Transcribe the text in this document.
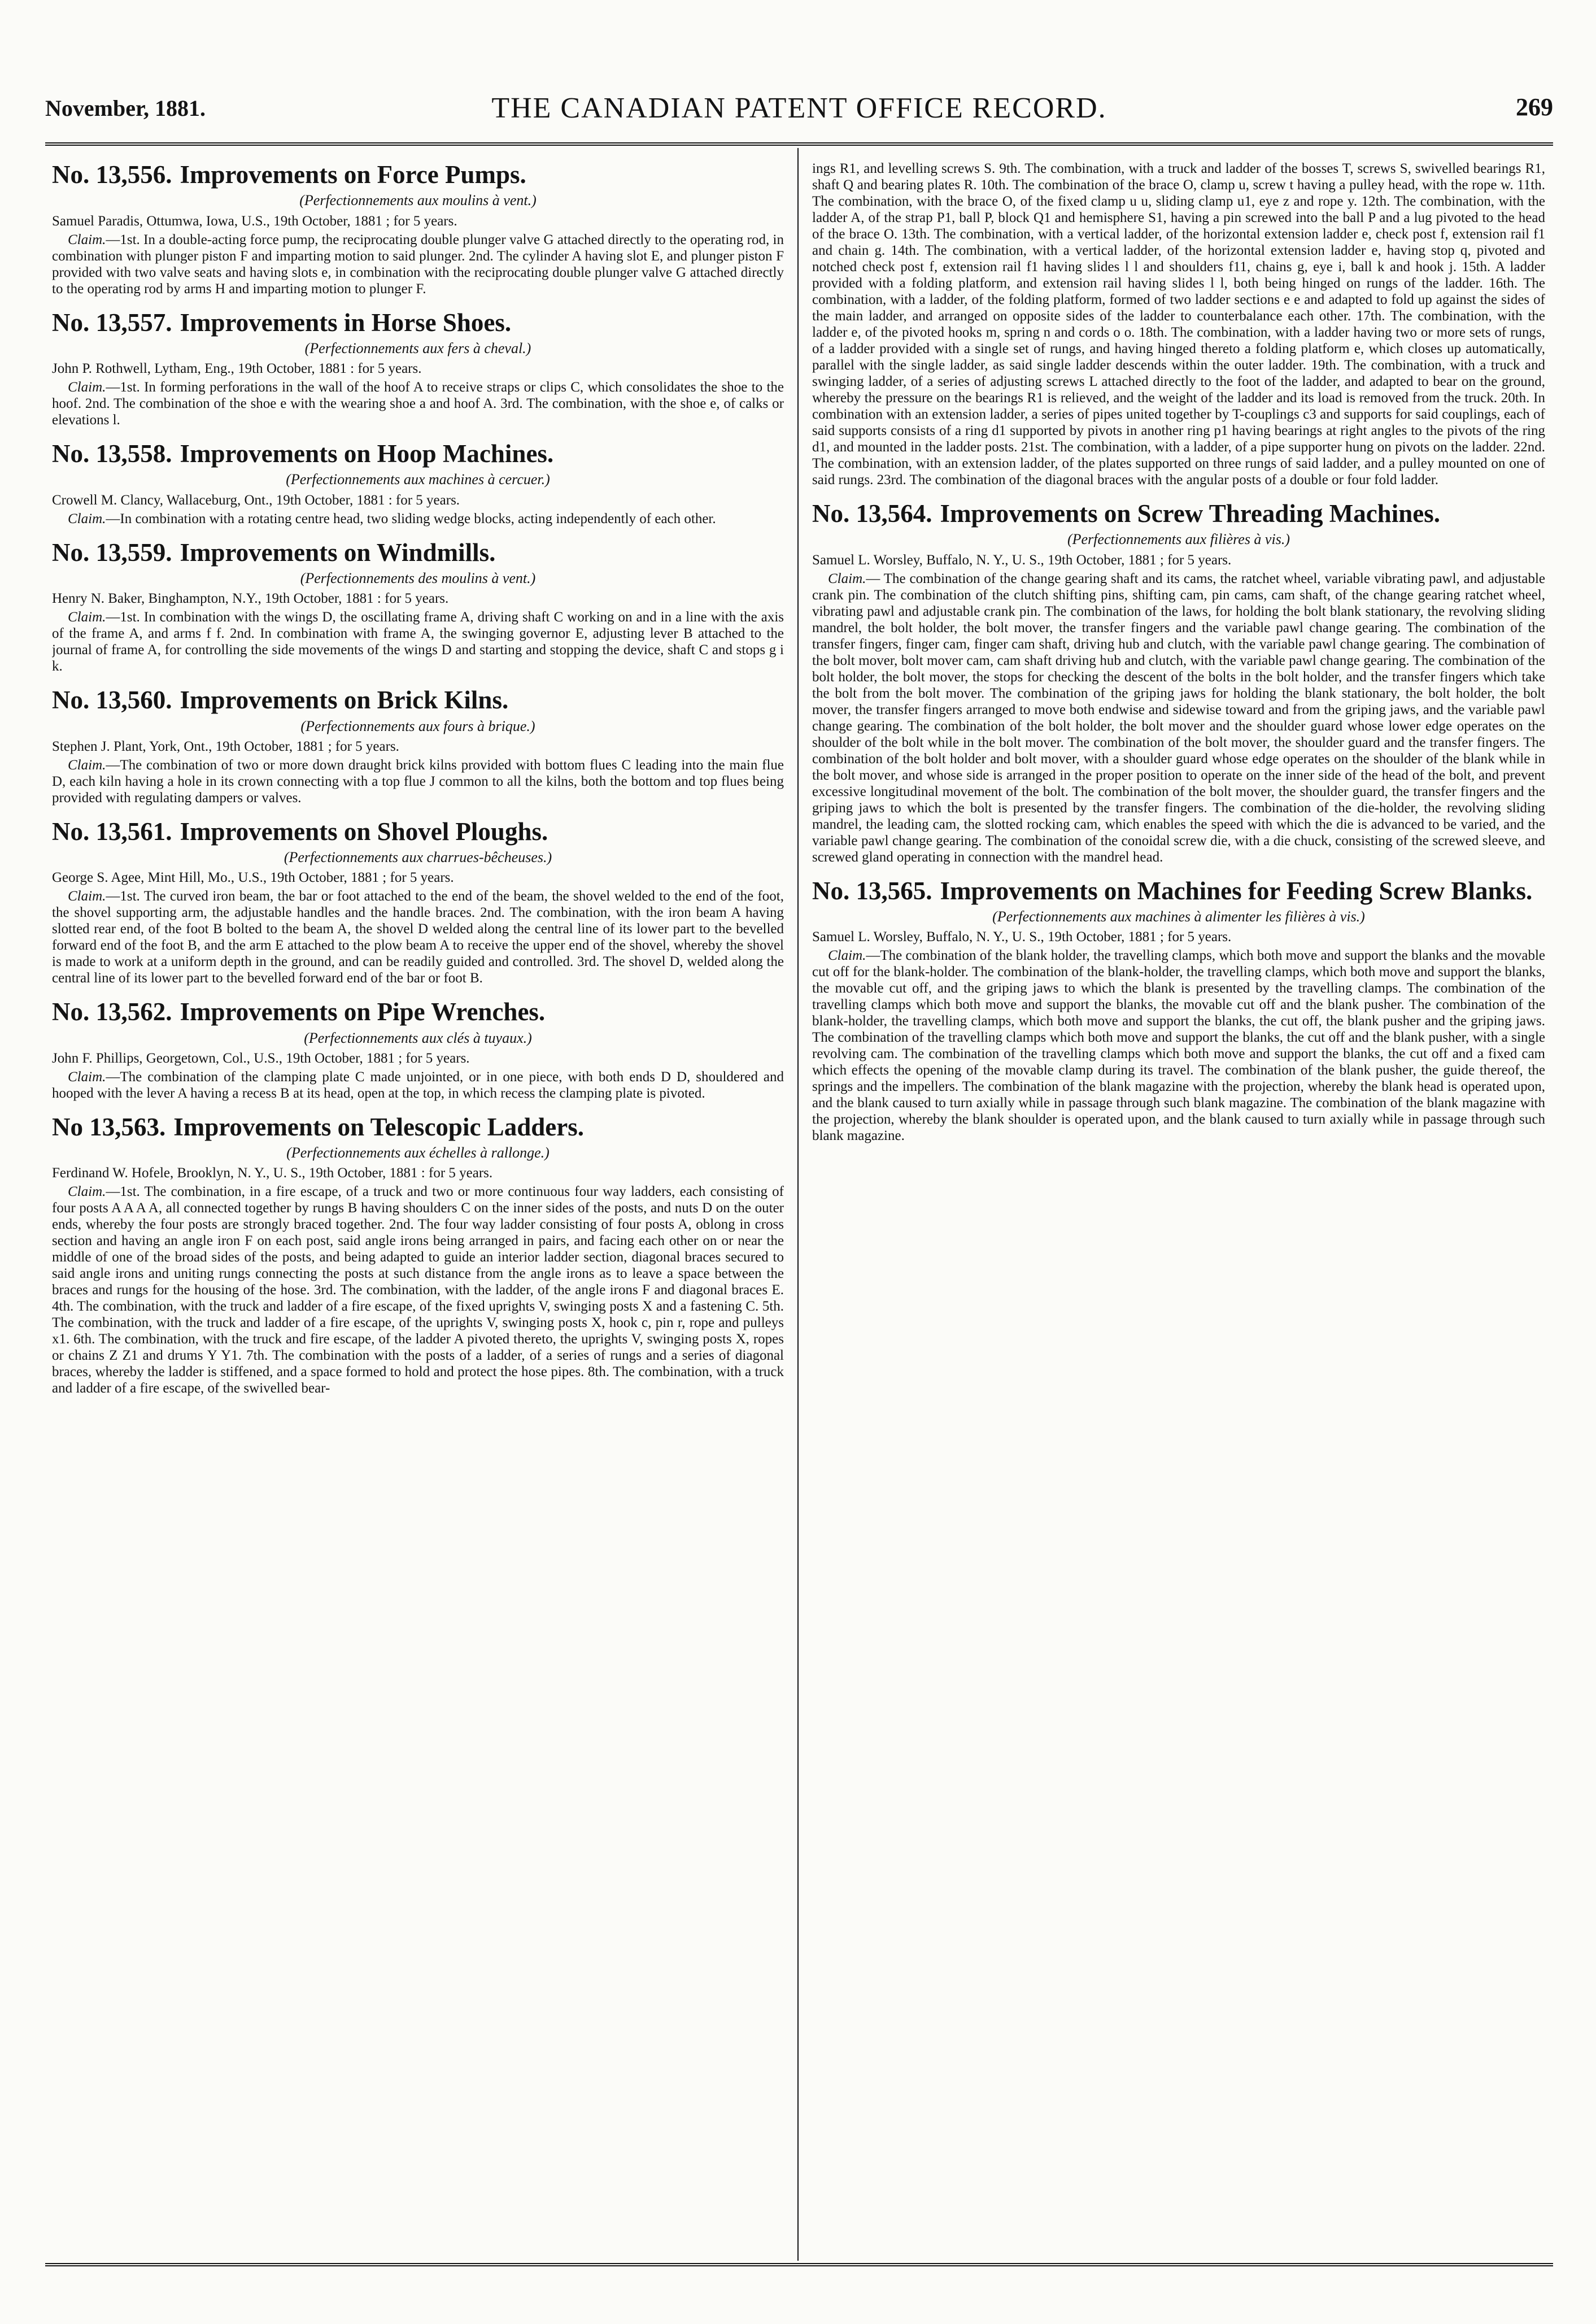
November, 1881.	THE CANADIAN PATENT OFFICE RECORD.	269
No. 13,556. Improvements on Force Pumps.
(Perfectionnements aux moulins à vent.)
Samuel Paradis, Ottumwa, Iowa, U.S., 19th October, 1881 ; for 5 years.

Claim.—1st. In a double-acting force pump, the reciprocating double plunger valve G attached directly to the operating rod, in combination with plunger piston F and imparting motion to said plunger. 2nd. The cylinder A having slot E, and plunger piston F provided with two valve seats and having slots e, in combination with the reciprocating double plunger valve G attached directly to the operating rod by arms H and imparting motion to plunger F.

No. 13,557. Improvements in Horse Shoes.
(Perfectionnements aux fers à cheval.)
John P. Rothwell, Lytham, Eng., 19th October, 1881 : for 5 years.

Claim.—1st. In forming perforations in the wall of the hoof A to receive straps or clips C, which consolidates the shoe to the hoof. 2nd. The combination of the shoe e with the wearing shoe a and hoof A. 3rd. The combination, with the shoe e, of calks or elevations l.

No. 13,558. Improvements on Hoop Machines.
(Perfectionnements aux machines à cercuer.)
Crowell M. Clancy, Wallaceburg, Ont., 19th October, 1881 : for 5 years.

Claim.—In combination with a rotating centre head, two sliding wedge blocks, acting independently of each other.

No. 13,559. Improvements on Windmills.
(Perfectionnements des moulins à vent.)
Henry N. Baker, Binghampton, N.Y., 19th October, 1881 : for 5 years.

Claim.—1st. In combination with the wings D, the oscillating frame A, driving shaft C working on and in a line with the axis of the frame A, and arms f f. 2nd. In combination with frame A, the swinging governor E, adjusting lever B attached to the journal of frame A, for controlling the side movements of the wings D and starting and stopping the device, shaft C and stops g i k.

No. 13,560. Improvements on Brick Kilns.
(Perfectionnements aux fours à brique.)
Stephen J. Plant, York, Ont., 19th October, 1881 ; for 5 years.

Claim.—The combination of two or more down draught brick kilns provided with bottom flues C leading into the main flue D, each kiln having a hole in its crown connecting with a top flue J common to all the kilns, both the bottom and top flues being provided with regulating dampers or valves.

No. 13,561. Improvements on Shovel Ploughs.
(Perfectionnements aux charrues-bêcheuses.)
George S. Agee, Mint Hill, Mo., U.S., 19th October, 1881 ; for 5 years.

Claim.—1st. The curved iron beam, the bar or foot attached to the end of the beam, the shovel welded to the end of the foot, the shovel supporting arm, the adjustable handles and the handle braces. 2nd. The combination, with the iron beam A having slotted rear end, of the foot B bolted to the beam A, the shovel D welded along the central line of its lower part to the bevelled forward end of the foot B, and the arm E attached to the plow beam A to receive the upper end of the shovel, whereby the shovel is made to work at a uniform depth in the ground, and can be readily guided and controlled. 3rd. The shovel D, welded along the central line of its lower part to the bevelled forward end of the bar or foot B.

No. 13,562. Improvements on Pipe Wrenches.
(Perfectionnements aux clés à tuyaux.)
John F. Phillips, Georgetown, Col., U.S., 19th October, 1881 ; for 5 years.

Claim.—The combination of the clamping plate C made unjointed, or in one piece, with both ends D D, shouldered and hooped with the lever A having a recess B at its head, open at the top, in which recess the clamping plate is pivoted.

No 13,563. Improvements on Telescopic Ladders.
(Perfectionnements aux échelles à rallonge.)
Ferdinand W. Hofele, Brooklyn, N. Y., U. S., 19th October, 1881 : for 5 years.

Claim.—1st. The combination, in a fire escape, of a truck and two or more continuous four way ladders, each consisting of four posts A A A A, all connected together by rungs B having shoulders C on the inner sides of the posts, and nuts D on the outer ends, whereby the four posts are strongly braced together. 2nd. The four way ladder consisting of four posts A, oblong in cross section and having an angle iron F on each post, said angle irons being arranged in pairs, and facing each other on or near the middle of one of the broad sides of the posts, and being adapted to guide an interior ladder section, diagonal braces secured to said angle irons and uniting rungs connecting the posts at such distance from the angle irons as to leave a space between the braces and rungs for the housing of the hose. 3rd. The combination, with the ladder, of the angle irons F and diagonal braces E. 4th. The combination, with the truck and ladder of a fire escape, of the fixed uprights V, swinging posts X and a fastening C. 5th. The combination, with the truck and ladder of a fire escape, of the uprights V, swinging posts X, hook c, pin r, rope and pulleys x1. 6th. The combination, with the truck and fire escape, of the ladder A pivoted thereto, the uprights V, swinging posts X, ropes or chains Z Z1 and drums Y Y1. 7th. The combination with the posts of a ladder, of a series of rungs and a series of diagonal braces, whereby the ladder is stiffened, and a space formed to hold and protect the hose pipes. 8th. The combination, with a truck and ladder of a fire escape, of the swivelled bear-

ings R1, and levelling screws S. 9th. The combination, with a truck and ladder of the bosses T, screws S, swivelled bearings R1, shaft Q and bearing plates R. 10th. The combination of the brace O, clamp u, screw t having a pulley head, with the rope w. 11th. The combination, with the brace O, of the fixed clamp u u, sliding clamp u1, eye z and rope y. 12th. The combination, with the ladder A, of the strap P1, ball P, block Q1 and hemisphere S1, having a pin screwed into the ball P and a lug pivoted to the head of the brace O. 13th. The combination, with a vertical ladder, of the horizontal extension ladder e, check post f, extension rail f1 and chain g. 14th. The combination, with a vertical ladder, of the horizontal extension ladder e, having stop q, pivoted and notched check post f, extension rail f1 having slides l l and shoulders f11, chains g, eye i, ball k and hook j. 15th. A ladder provided with a folding platform, and extension rail having slides l l, both being hinged on rungs of the ladder. 16th. The combination, with a ladder, of the folding platform, formed of two ladder sections e e and adapted to fold up against the sides of the main ladder, and arranged on opposite sides of the ladder to counterbalance each other. 17th. The combination, with the ladder e, of the pivoted hooks m, spring n and cords o o. 18th. The combination, with a ladder having two or more sets of rungs, of a ladder provided with a single set of rungs, and having hinged thereto a folding platform e, which closes up automatically, parallel with the single ladder, as said single ladder descends within the outer ladder. 19th. The combination, with a truck and swinging ladder, of a series of adjusting screws L attached directly to the foot of the ladder, and adapted to bear on the ground, whereby the pressure on the bearings R1 is relieved, and the weight of the ladder and its load is removed from the truck. 20th. In combination with an extension ladder, a series of pipes united together by T-couplings c3 and supports for said couplings, each of said supports consists of a ring d1 supported by pivots in another ring p1 having bearings at right angles to the pivots of the ring d1, and mounted in the ladder posts. 21st. The combination, with a ladder, of a pipe supporter hung on pivots on the ladder. 22nd. The combination, with an extension ladder, of the plates supported on three rungs of said ladder, and a pulley mounted on one of said rungs. 23rd. The combination of the diagonal braces with the angular posts of a double or four fold ladder.

No. 13,564. Improvements on Screw Threading Machines.
(Perfectionnements aux filières à vis.)
Samuel L. Worsley, Buffalo, N. Y., U. S., 19th October, 1881 ; for 5 years.

Claim.— The combination of the change gearing shaft and its cams, the ratchet wheel, variable vibrating pawl, and adjustable crank pin. The combination of the clutch shifting pins, shifting cam, pin cams, cam shaft, of the change gearing ratchet wheel, vibrating pawl and adjustable crank pin. The combination of the laws, for holding the bolt blank stationary, the revolving sliding mandrel, the bolt holder, the bolt mover, the transfer fingers and the variable pawl change gearing. The combination of the transfer fingers, finger cam, finger cam shaft, driving hub and clutch, with the variable pawl change gearing. The combination of the bolt mover, bolt mover cam, cam shaft driving hub and clutch, with the variable pawl change gearing. The combination of the bolt holder, the bolt mover, the stops for checking the descent of the bolts in the bolt holder, and the transfer fingers which take the bolt from the bolt mover. The combination of the griping jaws for holding the blank stationary, the bolt holder, the bolt mover, the transfer fingers arranged to move both endwise and sidewise toward and from the griping jaws, and the variable pawl change gearing. The combination of the bolt holder, the bolt mover and the shoulder guard whose lower edge operates on the shoulder of the bolt while in the bolt mover. The combination of the bolt mover, the shoulder guard and the transfer fingers. The combination of the bolt holder and bolt mover, with a shoulder guard whose edge operates on the shoulder of the blank while in the bolt mover, and whose side is arranged in the proper position to operate on the inner side of the head of the bolt, and prevent excessive longitudinal movement of the bolt. The combination of the bolt mover, the shoulder guard, the transfer fingers and the griping jaws to which the bolt is presented by the transfer fingers. The combination of the die-holder, the revolving sliding mandrel, the leading cam, the slotted rocking cam, which enables the speed with which the die is advanced to be varied, and the variable pawl change gearing. The combination of the conoidal screw die, with a die chuck, consisting of the screwed sleeve, and screwed gland operating in connection with the mandrel head.

No. 13,565. Improvements on Machines for Feeding Screw Blanks.
(Perfectionnements aux machines à alimenter les filières à vis.)
Samuel L. Worsley, Buffalo, N. Y., U. S., 19th October, 1881 ; for 5 years.

Claim.—The combination of the blank holder, the travelling clamps, which both move and support the blanks and the movable cut off for the blank-holder. The combination of the blank-holder, the travelling clamps, which both move and support the blanks, the movable cut off, and the griping jaws to which the blank is presented by the travelling clamps. The combination of the travelling clamps which both move and support the blanks, the movable cut off and the blank pusher. The combination of the blank-holder, the travelling clamps, which both move and support the blanks, the cut off, the blank pusher and the griping jaws. The combination of the travelling clamps which both move and support the blanks, the cut off and the blank pusher, with a single revolving cam. The combination of the travelling clamps which both move and support the blanks, the cut off and a fixed cam which effects the opening of the movable clamp during its travel. The combination of the blank pusher, the guide thereof, the springs and the impellers. The combination of the blank magazine with the projection, whereby the blank head is operated upon, and the blank caused to turn axially while in passage through such blank magazine. The combination of the blank magazine with the projection, whereby the blank shoulder is operated upon, and the blank caused to turn axially while in passage through such blank magazine.
